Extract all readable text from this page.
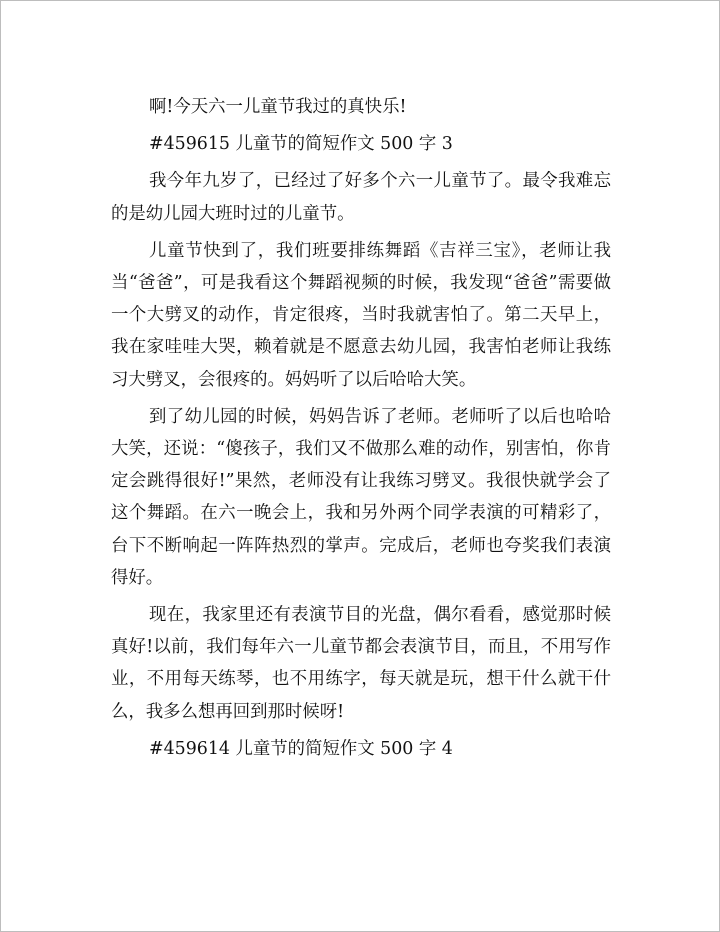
啊!今天六一儿童节我过的真快乐!

#459615 儿童节的简短作文 500 字 3

我今年九岁了，已经过了好多个六一儿童节了。最令我难忘的是幼儿园大班时过的儿童节。

儿童节快到了，我们班要排练舞蹈《吉祥三宝》，老师让我当“爸爸”，可是我看这个舞蹈视频的时候，我发现“爸爸”需要做一个大劈叉的动作，肯定很疼，当时我就害怕了。第二天早上，我在家哇哇大哭，赖着就是不愿意去幼儿园，我害怕老师让我练习大劈叉，会很疼的。妈妈听了以后哈哈大笑。

到了幼儿园的时候，妈妈告诉了老师。老师听了以后也哈哈大笑，还说：“傻孩子，我们又不做那么难的动作，别害怕，你肯定会跳得很好!”果然，老师没有让我练习劈叉。我很快就学会了这个舞蹈。在六一晚会上，我和另外两个同学表演的可精彩了，台下不断响起一阵阵热烈的掌声。完成后，老师也夸奖我们表演得好。

现在，我家里还有表演节目的光盘，偶尔看看，感觉那时候真好!以前，我们每年六一儿童节都会表演节目，而且，不用写作业，不用每天练琴，也不用练字，每天就是玩，想干什么就干什么，我多么想再回到那时候呀!

#459614 儿童节的简短作文 500 字 4
